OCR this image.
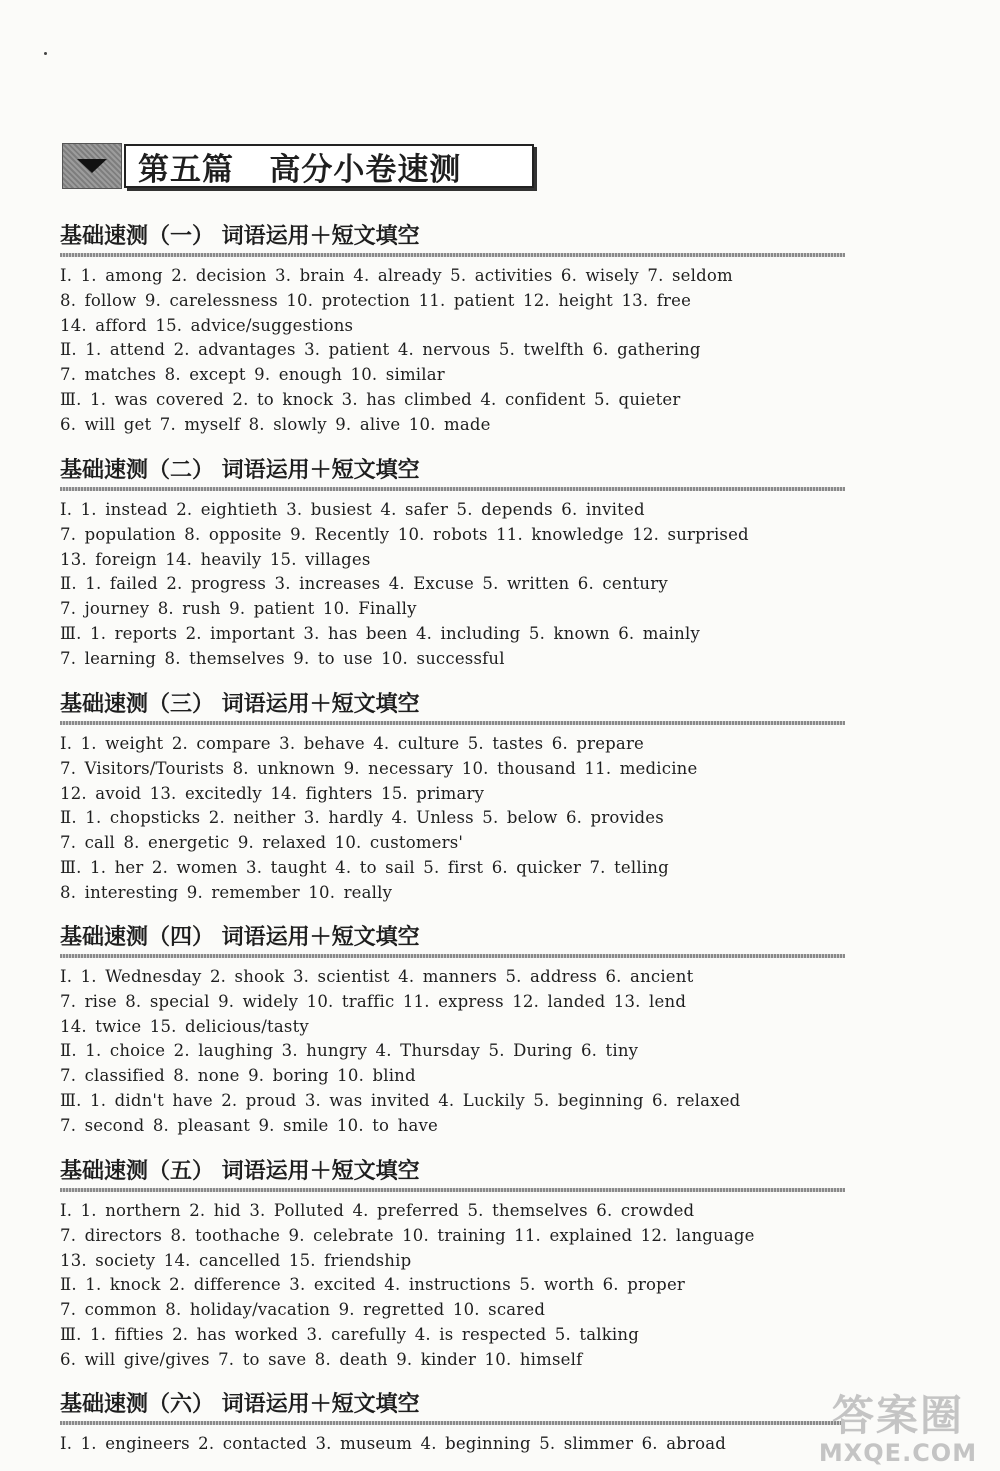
第五篇   高分小卷速测
基础速测（一） 词语运用＋短文填空
Ⅰ. 1. among 2. decision 3. brain 4. already 5. activities 6. wisely 7. seldom
8. follow 9. carelessness 10. protection 11. patient 12. height 13. free
14. afford 15. advice/suggestions
Ⅱ. 1. attend 2. advantages 3. patient 4. nervous 5. twelfth 6. gathering
7. matches 8. except 9. enough 10. similar
Ⅲ. 1. was covered 2. to knock 3. has climbed 4. confident 5. quieter
6. will get 7. myself 8. slowly 9. alive 10. made
基础速测（二） 词语运用＋短文填空
Ⅰ. 1. instead 2. eightieth 3. busiest 4. safer 5. depends 6. invited
7. population 8. opposite 9. Recently 10. robots 11. knowledge 12. surprised
13. foreign 14. heavily 15. villages
Ⅱ. 1. failed 2. progress 3. increases 4. Excuse 5. written 6. century
7. journey 8. rush 9. patient 10. Finally
Ⅲ. 1. reports 2. important 3. has been 4. including 5. known 6. mainly
7. learning 8. themselves 9. to use 10. successful
基础速测（三） 词语运用＋短文填空
Ⅰ. 1. weight 2. compare 3. behave 4. culture 5. tastes 6. prepare
7. Visitors/Tourists 8. unknown 9. necessary 10. thousand 11. medicine
12. avoid 13. excitedly 14. fighters 15. primary
Ⅱ. 1. chopsticks 2. neither 3. hardly 4. Unless 5. below 6. provides
7. call 8. energetic 9. relaxed 10. customers'
Ⅲ. 1. her 2. women 3. taught 4. to sail 5. first 6. quicker 7. telling
8. interesting 9. remember 10. really
基础速测（四） 词语运用＋短文填空
Ⅰ. 1. Wednesday 2. shook 3. scientist 4. manners 5. address 6. ancient
7. rise 8. special 9. widely 10. traffic 11. express 12. landed 13. lend
14. twice 15. delicious/tasty
Ⅱ. 1. choice 2. laughing 3. hungry 4. Thursday 5. During 6. tiny
7. classified 8. none 9. boring 10. blind
Ⅲ. 1. didn't have 2. proud 3. was invited 4. Luckily 5. beginning 6. relaxed
7. second 8. pleasant 9. smile 10. to have
基础速测（五） 词语运用＋短文填空
Ⅰ. 1. northern 2. hid 3. Polluted 4. preferred 5. themselves 6. crowded
7. directors 8. toothache 9. celebrate 10. training 11. explained 12. language
13. society 14. cancelled 15. friendship
Ⅱ. 1. knock 2. difference 3. excited 4. instructions 5. worth 6. proper
7. common 8. holiday/vacation 9. regretted 10. scared
Ⅲ. 1. fifties 2. has worked 3. carefully 4. is respected 5. talking
6. will give/gives 7. to save 8. death 9. kinder 10. himself
基础速测（六） 词语运用＋短文填空
Ⅰ. 1. engineers 2. contacted 3. museum 4. beginning 5. slimmer 6. abroad
答案圈
MXQE.COM
